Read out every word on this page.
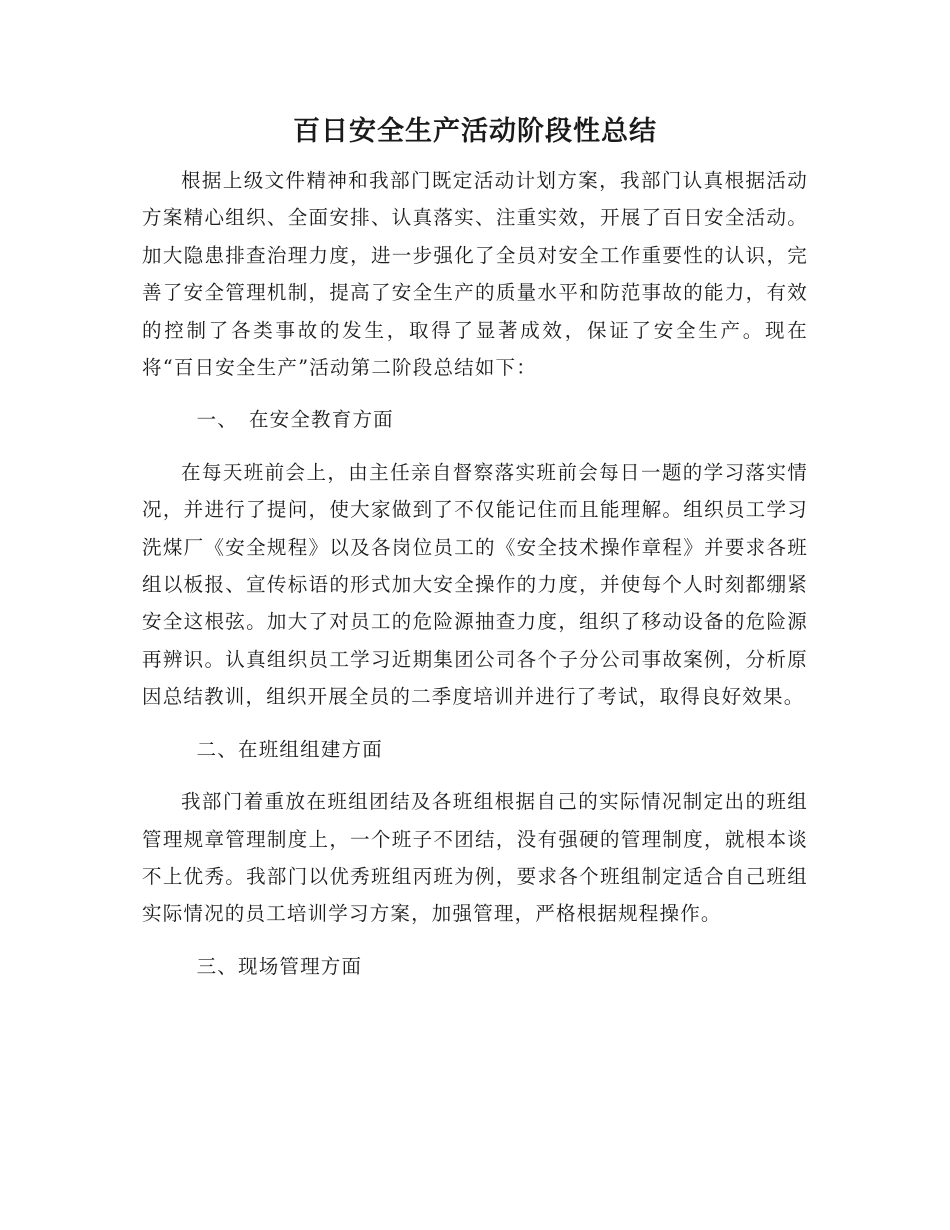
百日安全生产活动阶段性总结

根据上级文件精神和我部门既定活动计划方案，我部门认真根据活动方案精心组织、全面安排、认真落实、注重实效，开展了百日安全活动。加大隐患排查治理力度，进一步强化了全员对安全工作重要性的认识，完善了安全管理机制，提高了安全生产的质量水平和防范事故的能力，有效的控制了各类事故的发生，取得了显著成效，保证了安全生产。现在将“百日安全生产”活动第二阶段总结如下：

一、　在安全教育方面

在每天班前会上，由主任亲自督察落实班前会每日一题的学习落实情况，并进行了提问，使大家做到了不仅能记住而且能理解。组织员工学习洗煤厂《安全规程》以及各岗位员工的《安全技术操作章程》并要求各班组以板报、宣传标语的形式加大安全操作的力度，并使每个人时刻都绷紧安全这根弦。加大了对员工的危险源抽查力度，组织了移动设备的危险源再辨识。认真组织员工学习近期集团公司各个子分公司事故案例，分析原因总结教训，组织开展全员的二季度培训并进行了考试，取得良好效果。

二、在班组组建方面

我部门着重放在班组团结及各班组根据自己的实际情况制定出的班组管理规章管理制度上，一个班子不团结，没有强硬的管理制度，就根本谈不上优秀。我部门以优秀班组丙班为例，要求各个班组制定适合自己班组实际情况的员工培训学习方案，加强管理，严格根据规程操作。

三、现场管理方面
